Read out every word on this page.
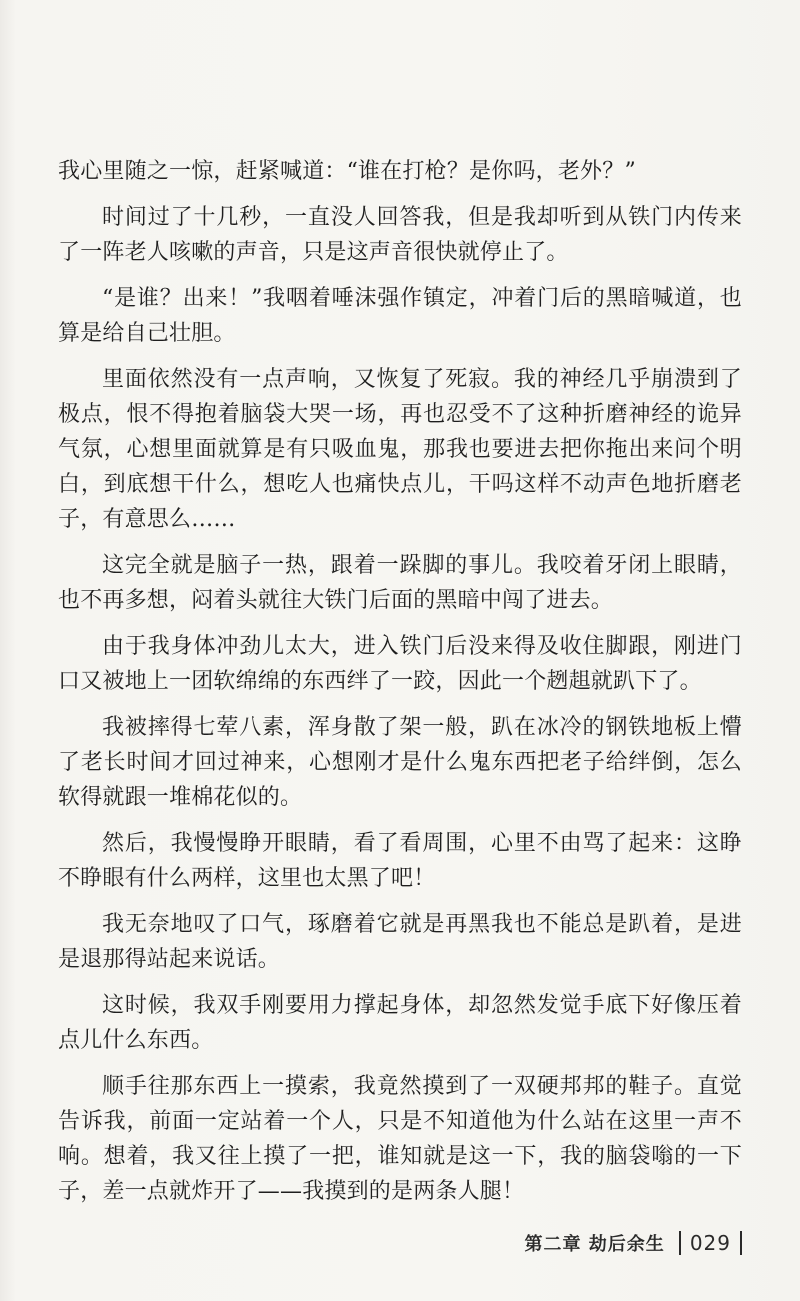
我心里随之一惊，赶紧喊道：“谁在打枪？是你吗，老外？”

时间过了十几秒，一直没人回答我，但是我却听到从铁门内传来了一阵老人咳嗽的声音，只是这声音很快就停止了。

“是谁？出来！”我咽着唾沫强作镇定，冲着门后的黑暗喊道，也算是给自己壮胆。

里面依然没有一点声响，又恢复了死寂。我的神经几乎崩溃到了极点，恨不得抱着脑袋大哭一场，再也忍受不了这种折磨神经的诡异气氛，心想里面就算是有只吸血鬼，那我也要进去把你拖出来问个明白，到底想干什么，想吃人也痛快点儿，干吗这样不动声色地折磨老子，有意思么……

这完全就是脑子一热，跟着一跺脚的事儿。我咬着牙闭上眼睛，也不再多想，闷着头就往大铁门后面的黑暗中闯了进去。

由于我身体冲劲儿太大，进入铁门后没来得及收住脚跟，刚进门口又被地上一团软绵绵的东西绊了一跤，因此一个趔趄就趴下了。

我被摔得七荤八素，浑身散了架一般，趴在冰冷的钢铁地板上懵了老长时间才回过神来，心想刚才是什么鬼东西把老子给绊倒，怎么软得就跟一堆棉花似的。

然后，我慢慢睁开眼睛，看了看周围，心里不由骂了起来：这睁不睁眼有什么两样，这里也太黑了吧！

我无奈地叹了口气，琢磨着它就是再黑我也不能总是趴着，是进是退那得站起来说话。

这时候，我双手刚要用力撑起身体，却忽然发觉手底下好像压着点儿什么东西。

顺手往那东西上一摸索，我竟然摸到了一双硬邦邦的鞋子。直觉告诉我，前面一定站着一个人，只是不知道他为什么站在这里一声不响。想着，我又往上摸了一把，谁知就是这一下，我的脑袋嗡的一下子，差一点就炸开了——我摸到的是两条人腿！

第二章 劫后余生 029
